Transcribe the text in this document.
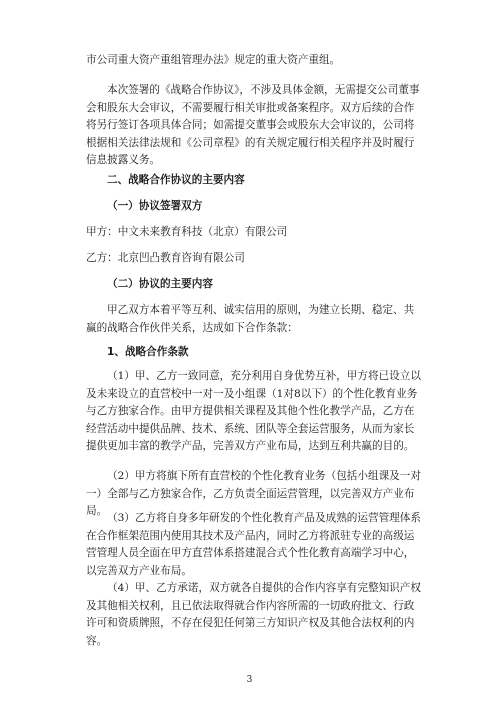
市公司重大资产重组管理办法》规定的重大资产重组。

本次签署的《战略合作协议》，不涉及具体金额，无需提交公司董事会和股东大会审议，不需要履行相关审批或备案程序。双方后续的合作将另行签订各项具体合同；如需提交董事会或股东大会审议的，公司将根据相关法律法规和《公司章程》的有关规定履行相关程序并及时履行信息披露义务。

二、战略合作协议的主要内容

（一）协议签署双方

甲方：中文未来教育科技（北京）有限公司

乙方：北京凹凸教育咨询有限公司

（二）协议的主要内容

甲乙双方本着平等互利、诚实信用的原则，为建立长期、稳定、共赢的战略合作伙伴关系，达成如下合作条款：

1、战略合作条款

（1）甲、乙方一致同意，充分利用自身优势互补，甲方将已设立以及未来设立的直营校中一对一及小组课（1对8以下）的个性化教育业务与乙方独家合作。由甲方提供相关课程及其他个性化教学产品，乙方在经营活动中提供品牌、技术、系统、团队等全套运营服务，从而为家长提供更加丰富的教学产品，完善双方产业布局，达到互利共赢的目的。

（2）甲方将旗下所有直营校的个性化教育业务（包括小组课及一对一）全部与乙方独家合作，乙方负责全面运营管理，以完善双方产业布局。

（3）乙方将自身多年研发的个性化教育产品及成熟的运营管理体系在合作框架范围内使用其技术及产品内，同时乙方将派驻专业的高级运营管理人员全面在甲方直营体系搭建混合式个性化教育高端学习中心，以完善双方产业布局。

（4）甲、乙方承诺，双方就各自提供的合作内容享有完整知识产权及其他相关权利，且已依法取得就合作内容所需的一切政府批文、行政许可和资质牌照，不存在侵犯任何第三方知识产权及其他合法权利的内容。

3
